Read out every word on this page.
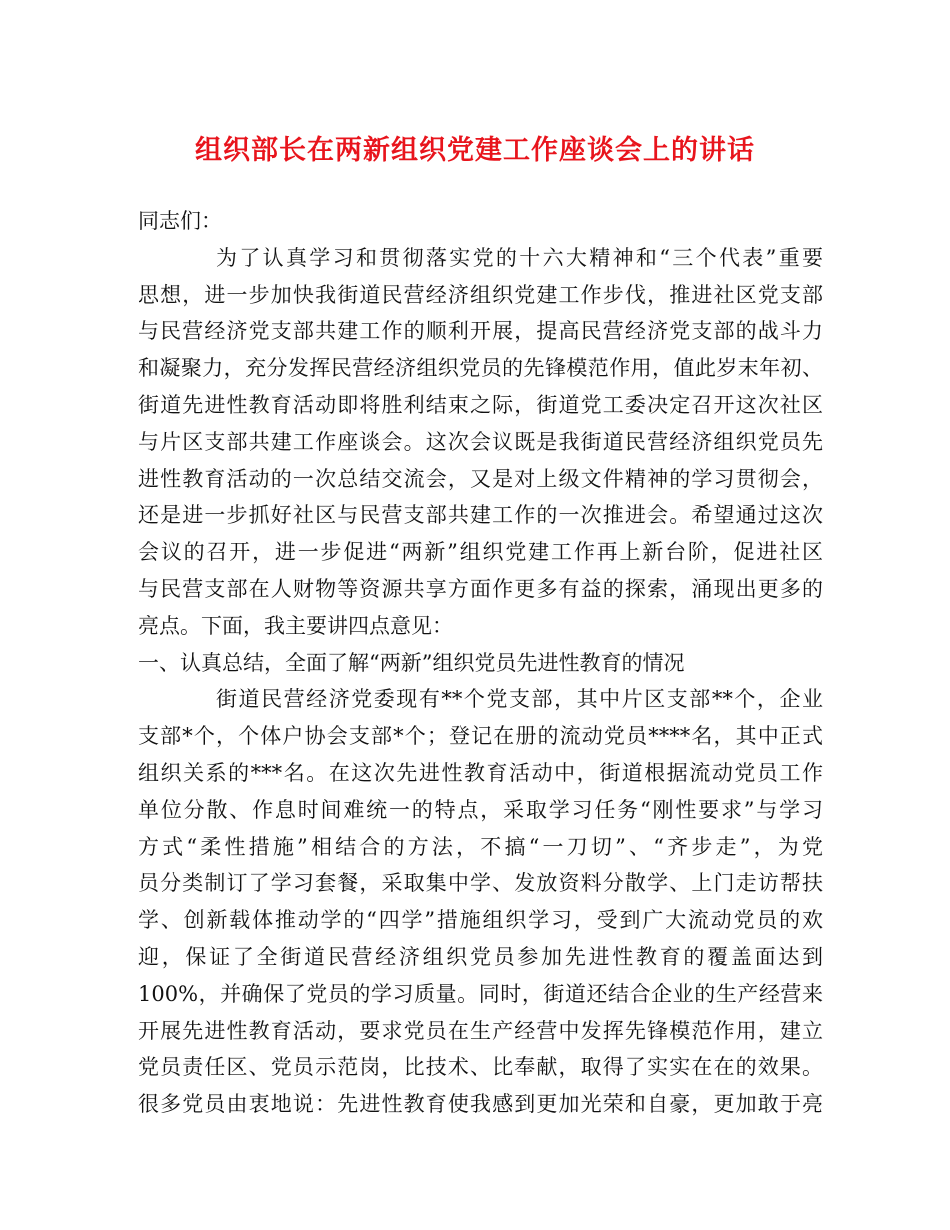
组织部长在两新组织党建工作座谈会上的讲话
同志们：
为了认真学习和贯彻落实党的十六大精神和“三个代表”重要
思想，进一步加快我街道民营经济组织党建工作步伐，推进社区党支部
与民营经济党支部共建工作的顺利开展，提高民营经济党支部的战斗力
和凝聚力，充分发挥民营经济组织党员的先锋模范作用，值此岁末年初、
街道先进性教育活动即将胜利结束之际，街道党工委决定召开这次社区
与片区支部共建工作座谈会。这次会议既是我街道民营经济组织党员先
进性教育活动的一次总结交流会，又是对上级文件精神的学习贯彻会，
还是进一步抓好社区与民营支部共建工作的一次推进会。希望通过这次
会议的召开，进一步促进“两新”组织党建工作再上新台阶，促进社区
与民营支部在人财物等资源共享方面作更多有益的探索，涌现出更多的
亮点。下面，我主要讲四点意见：
一、认真总结，全面了解“两新”组织党员先进性教育的情况
街道民营经济党委现有**个党支部，其中片区支部**个，企业
支部*个，个体户协会支部*个；登记在册的流动党员****名，其中正式
组织关系的***名。在这次先进性教育活动中，街道根据流动党员工作
单位分散、作息时间难统一的特点，采取学习任务“刚性要求”与学习
方式“柔性措施”相结合的方法，不搞“一刀切”、“齐步走”，为党
员分类制订了学习套餐，采取集中学、发放资料分散学、上门走访帮扶
学、创新载体推动学的“四学”措施组织学习，受到广大流动党员的欢
迎，保证了全街道民营经济组织党员参加先进性教育的覆盖面达到
100%，并确保了党员的学习质量。同时，街道还结合企业的生产经营来
开展先进性教育活动，要求党员在生产经营中发挥先锋模范作用，建立
党员责任区、党员示范岗，比技术、比奉献，取得了实实在在的效果。
很多党员由衷地说：先进性教育使我感到更加光荣和自豪，更加敢于亮
